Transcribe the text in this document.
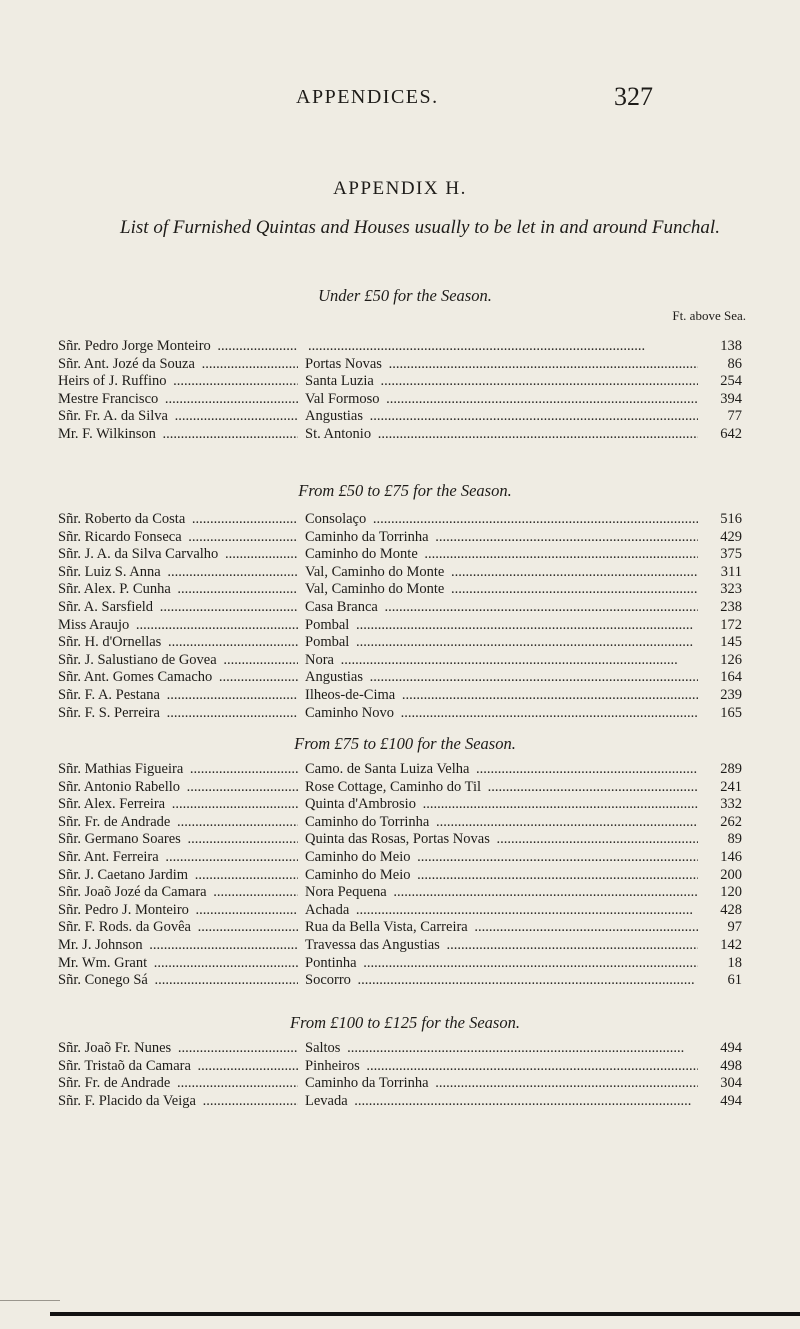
APPENDICES.	327
APPENDIX H.
List of Furnished Quintas and Houses usually to be let in and around Funchal.
Under £50 for the Season.
Ft. above Sea.
Sñr. Pedro Jorge Monteiro ..... .....	138
Sñr. Ant. Jozé da Souza .....	Portas Novas .....	86
Heirs of J. Ruffino .....	Santa Luzia .....	254
Mestre Francisco .....	Val Formoso .....	394
Sñr. Fr. A. da Silva .....	Angustias .....	77
Mr. F. Wilkinson .....	St. Antonio .....	642
From £50 to £75 for the Season.
Sñr. Roberto da Costa .....	Consolaço .....	516
Sñr. Ricardo Fonseca .....	Caminho da Torrinha .....	429
Sñr. J. A. da Silva Carvalho .....	Caminho do Monte .....	375
Sñr. Luiz S. Anna .....	Val, Caminho do Monte .....	311
Sñr. Alex. P. Cunha .....	Val, Caminho do Monte .....	323
Sñr. A. Sarsfield .....	Casa Branca .....	238
Miss Araujo .....	Pombal .....	172
Sñr. H. d'Ornellas .....	Pombal .....	145
Sñr. J. Salustiano de Govea .....	Nora .....	126
Sñr. Ant. Gomes Camacho .....	Angustias .....	164
Sñr. F. A. Pestana .....	Ilheos-de-Cima .....	239
Sñr. F. S. Perreira .....	Caminho Novo .....	165
From £75 to £100 for the Season.
Sñr. Mathias Figueira .....	Camo. de Santa Luiza Velha .....	289
Sñr. Antonio Rabello .....	Rose Cottage, Caminho do Til .....	241
Sñr. Alex. Ferreira .....	Quinta d'Ambrosio .....	332
Sñr. Fr. de Andrade .....	Caminho do Torrinha .....	262
Sñr. Germano Soares .....	Quinta das Rosas, Portas Novas .....	89
Sñr. Ant. Ferreira .....	Caminho do Meio .....	146
Sñr. J. Caetano Jardim .....	Caminho do Meio .....	200
Sñr. Joaõ Jozé da Camara .....	Nora Pequena .....	120
Sñr. Pedro J. Monteiro .....	Achada .....	428
Sñr. F. Rods. da Govêa .....	Rua da Bella Vista, Carreira .....	97
Mr. J. Johnson .....	Travessa das Angustias .....	142
Mr. Wm. Grant .....	Pontinha .....	18
Sñr. Conego Sá .....	Socorro .....	61
From £100 to £125 for the Season.
Sñr. Joaõ Fr. Nunes .....	Saltos .....	494
Sñr. Tristaõ da Camara .....	Pinheiros .....	498
Sñr. Fr. de Andrade .....	Caminho da Torrinha .....	304
Sñr. F. Placido da Veiga .....	Levada .....	494
